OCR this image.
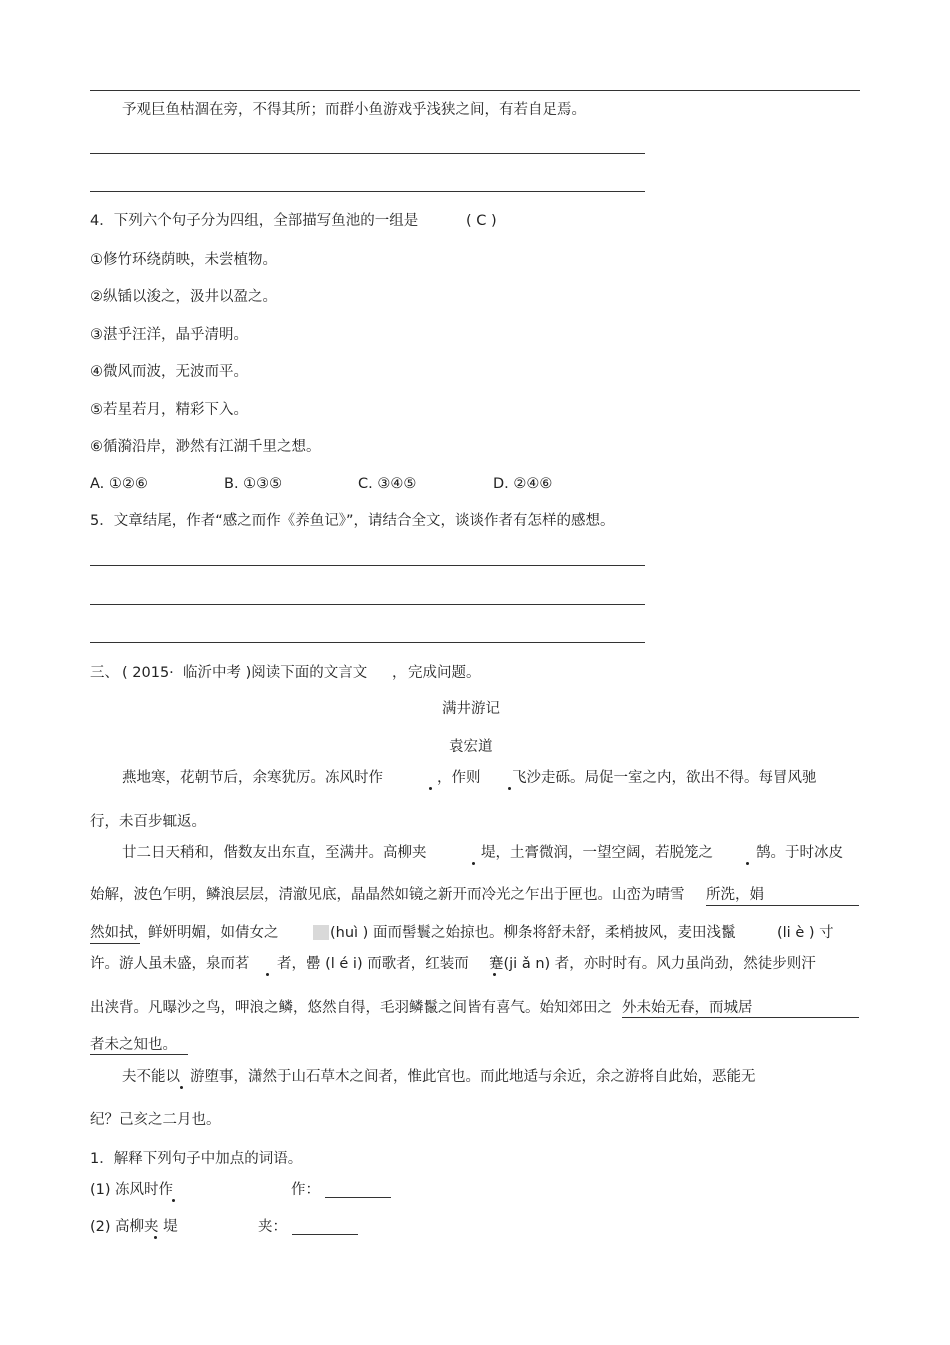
予观巨鱼枯涸在旁，不得其所；而群小鱼游戏乎浅狭之间，有若自足焉。
4．下列六个句子分为四组，全部描写鱼池的一组是	( C )
①修竹环绕荫映，未尝植物。
②纵锸以浚之，汲井以盈之。
③湛乎汪洋，晶乎清明。
④微风而波，无波而平。
⑤若星若月，精彩下入。
⑥循漪沿岸，渺然有江湖千里之想。
A. ①②⑥	B. ①③⑤	C. ③④⑤	D. ②④⑥
5．文章结尾，作者“感之而作《养鱼记》”，请结合全文，谈谈作者有怎样的感想。
三、 ( 2015· 临沂中考 )阅读下面的文言文 ， 完成问题。
满井游记
袁宏道
燕地寒，花朝节后，余寒犹厉。冻风时作	，作则 飞沙走砾。局促一室之内，欲出不得。每冒风驰
行，未百步辄返。
廿二日天稍和，偕数友出东直，至满井。高柳夹	堤，土膏微润，一望空阔，若脱笼之	鹄。于时冰皮
始解，波色乍明，鳞浪层层，清澈见底，晶晶然如镜之新开而冷光之乍出于匣也。山峦为晴雪 所洗，娟
然如拭， 鲜妍明媚，如倩女之	(huì ) 面而髻鬟之始掠也。柳条将舒未舒，柔梢披风，麦田浅鬣	(li è ) 寸
许。游人虽未盛，泉而茗 者，罍 (l é i) 而歌者，红装而 蹇(ji ǎ n) 者，亦时时有。风力虽尚劲，然徒步则汗
出浃背。凡曝沙之鸟，呷浪之鳞，悠然自得，毛羽鳞鬣之间皆有喜气。始知郊田之 外未始无春，而城居
者未之知也。
夫不能以 游堕事，潇然于山石草木之间者，惟此官也。而此地适与余近，余之游将自此始，恶能无
纪？己亥之二月也。
1．解释下列句子中加点的词语。
(1) 冻风时作	作：
(2) 高柳夹 堤	夹：
